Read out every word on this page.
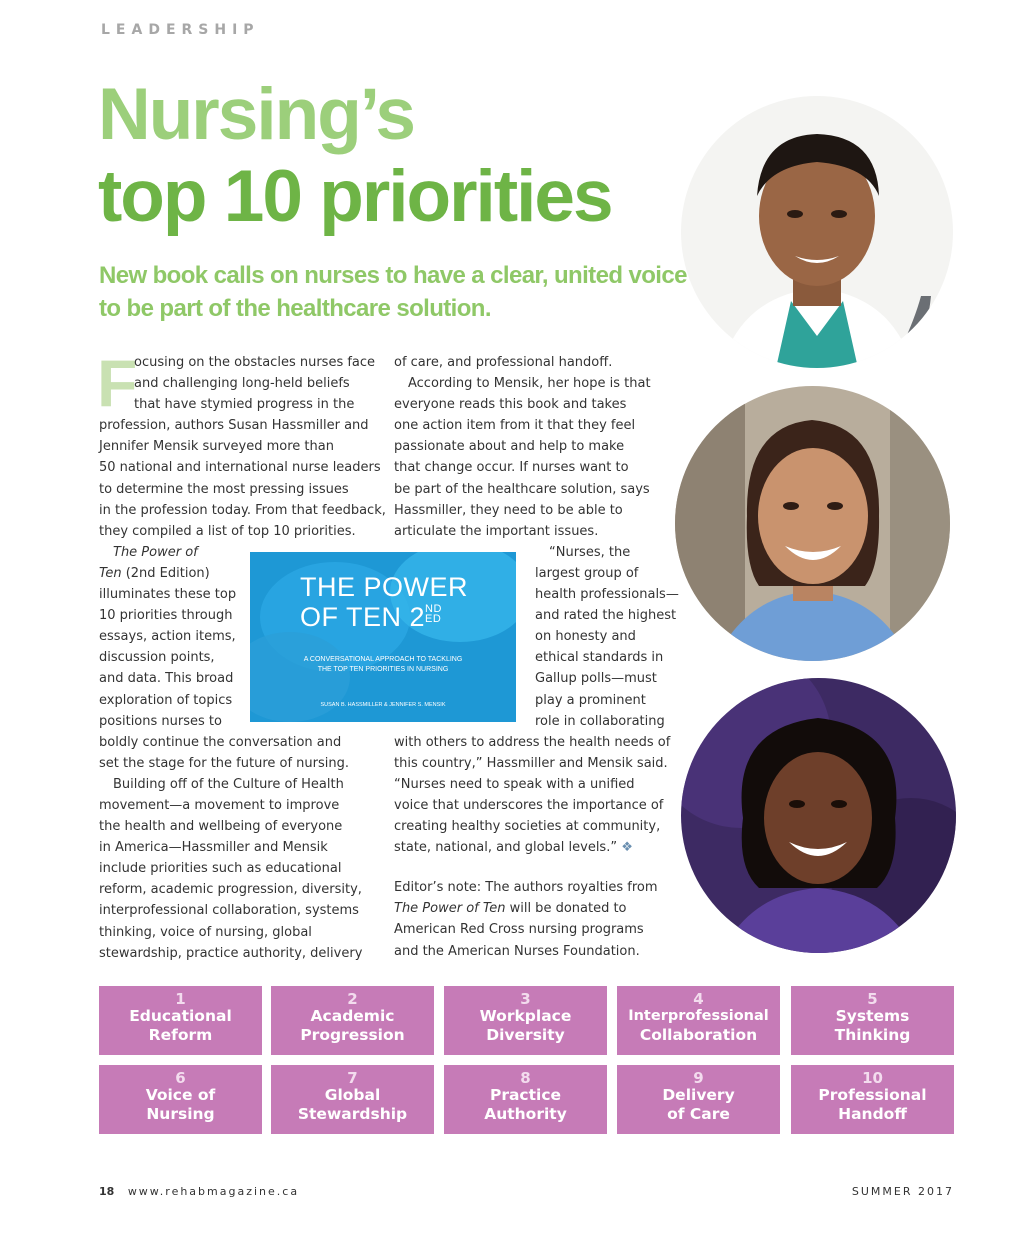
LEADERSHIP
Nursing’s
top 10 priorities
New book calls on nurses to have a clear, united voice to be part of the healthcare solution.
F
ocusing on the obstacles nurses face
and challenging long-held beliefs
that have stymied progress in the
profession, authors Susan Hassmiller and
Jennifer Mensik surveyed more than
50 national and international nurse leaders
to determine the most pressing issues
in the profession today. From that feedback,
they compiled a list of top 10 priorities.
The Power of
Ten (2nd Edition)
illuminates these top
10 priorities through
essays, action items,
discussion points,
and data. This broad
exploration of topics
positions nurses to
boldly continue the conversation and
set the stage for the future of nursing.
Building off of the Culture of Health
movement—a movement to improve
the health and wellbeing of everyone
in America—Hassmiller and Mensik
include priorities such as educational
reform, academic progression, diversity,
interprofessional collaboration, systems
thinking, voice of nursing, global
stewardship, practice authority, delivery
of care, and professional handoff.
According to Mensik, her hope is that
everyone reads this book and takes
one action item from it that they feel
passionate about and help to make
that change occur. If nurses want to
be part of the healthcare solution, says
Hassmiller, they need to be able to
articulate the important issues.
“Nurses, the
largest group of
health professionals—
and rated the highest
on honesty and
ethical standards in
Gallup polls—must
play a prominent
role in collaborating
with others to address the health needs of
this country,” Hassmiller and Mensik said.
“Nurses need to speak with a unified
voice that underscores the importance of
creating healthy societies at community,
state, national, and global levels.” ❖
Editor’s note: The authors royalties from
The Power of Ten will be donated to
American Red Cross nursing programs
and the American Nurses Foundation.
THE POWER
OF TEN 2ND
ED
A CONVERSATIONAL APPROACH TO TACKLING
THE TOP TEN PRIORITIES IN NURSING
SUSAN B. HASSMILLER & JENNIFER S. MENSIK
1
Educational
Reform
2
Academic
Progression
3
Workplace
Diversity
4
Interprofessional
Collaboration
5
Systems
Thinking
6
Voice of
Nursing
7
Global
Stewardship
8
Practice
Authority
9
Delivery
of Care
10
Professional
Handoff
18 www.rehabmagazine.ca	SUMMER 2017
